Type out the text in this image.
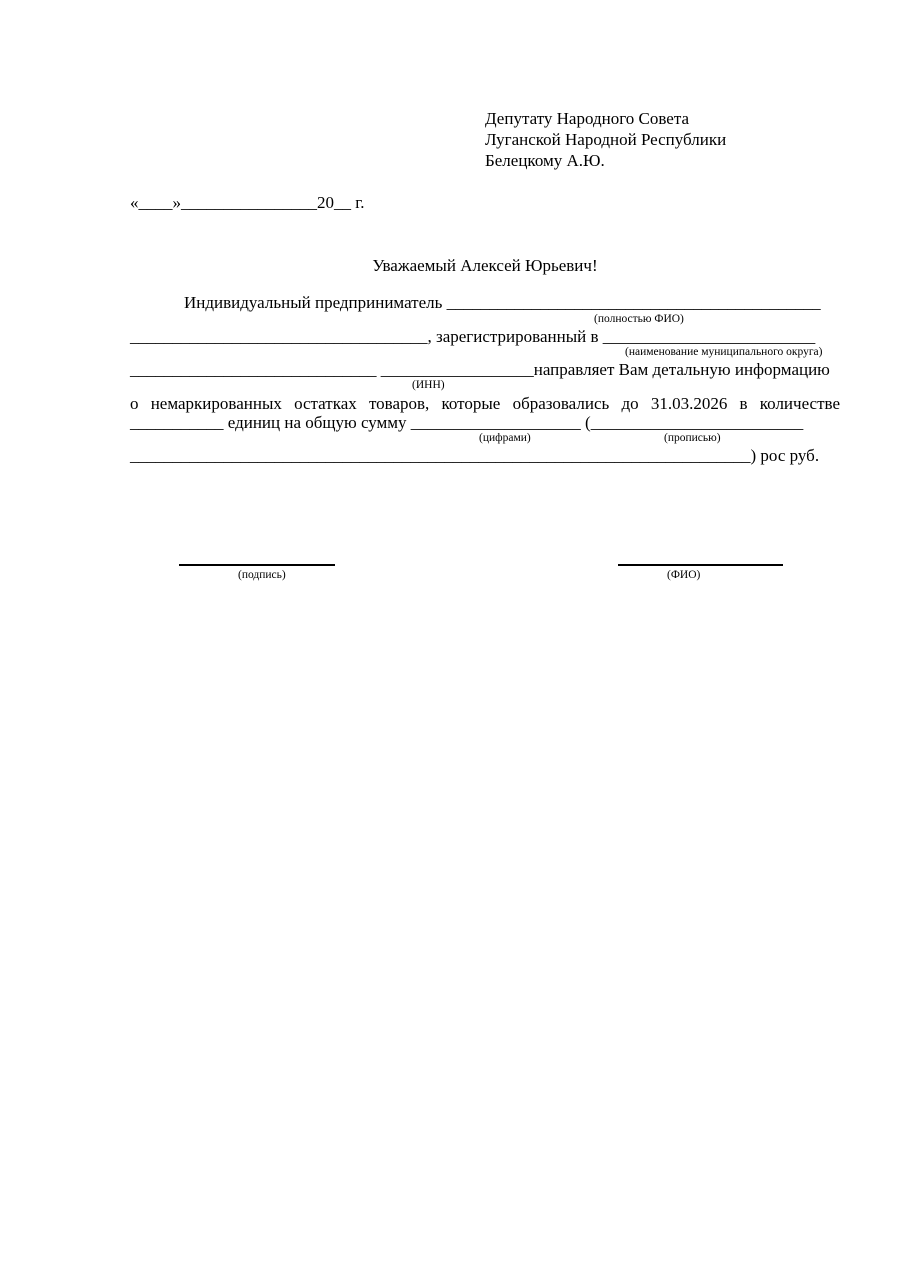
Депутату Народного Совета
Луганской Народной Республики
Белецкому А.Ю.
«____»________________20__ г.
Уважаемый Алексей Юрьевич!
Индивидуальный предприниматель ____________________________________________
(полностью ФИО)
___________________________________, зарегистрированный в _________________________
(наименование муниципального округа)
_____________________________ __________________направляет Вам детальную информацию
(ИНН)
о немаркированных остатках товаров, которые образовались до 31.03.2026 в количестве
___________ единиц на общую сумму ____________________ (_________________________
(цифрами)	(прописью)
_________________________________________________________________________) рос руб.
(подпись)	(ФИО)
